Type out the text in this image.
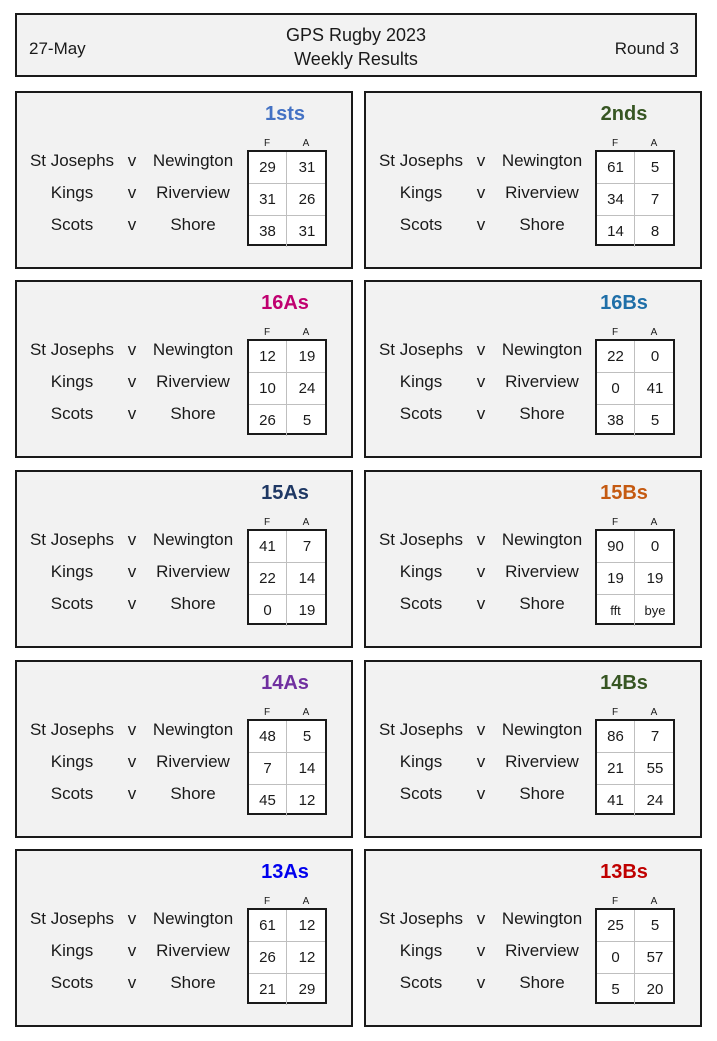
27-May
GPS Rugby 2023
Weekly Results
Round 3
1sts
F	A
St Josephs v Newington
Kings	v	Riverview
Scots	v	Shore
29	31
31	26
38	31
2nds
F	A
St Josephs v Newington
Kings	v	Riverview
Scots	v	Shore
61	5
34	7
14	8
16As
F	A
St Josephs v Newington
Kings	v	Riverview
Scots	v	Shore
12	19
10	24
26	5
16Bs
F	A
St Josephs v Newington
Kings	v	Riverview
Scots	v	Shore
22	0
0	41
38	5
15As
F	A
St Josephs v Newington
Kings	v	Riverview
Scots	v	Shore
41	7
22	14
0	19
15Bs
F	A
St Josephs v Newington
Kings	v	Riverview
Scots	v	Shore
90	0
19	19
fft	bye
14As
F	A
St Josephs v Newington
Kings	v	Riverview
Scots	v	Shore
48	5
7	14
45	12
14Bs
F	A
St Josephs v Newington
Kings	v	Riverview
Scots	v	Shore
86	7
21	55
41	24
13As
F	A
St Josephs v Newington
Kings	v	Riverview
Scots	v	Shore
61	12
26	12
21	29
13Bs
F	A
St Josephs v Newington
Kings	v	Riverview
Scots	v	Shore
25	5
0	57
5	20
